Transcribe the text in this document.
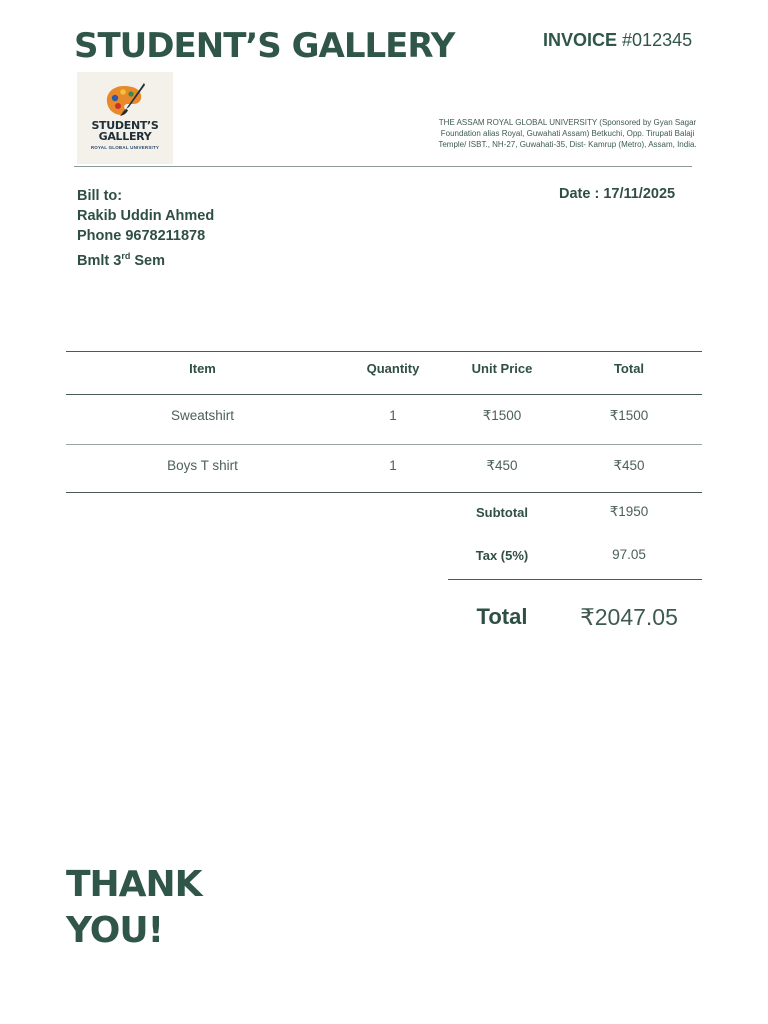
STUDENT’S GALLERY	INVOICE #012345
STUDENT’S
GALLERY
ROYAL GLOBAL UNIVERSITY
THE ASSAM ROYAL GLOBAL UNIVERSITY (Sponsored by Gyan Sagar Foundation alias Royal, Guwahati Assam) Betkuchi, Opp. Tirupati Balaji Temple/ ISBT., NH-27, Guwahati-35, Dist- Kamrup (Metro), Assam, India.
Bill to:
Rakib Uddin Ahmed
Phone 9678211878
Bmlt 3rd Sem
Date : 17/11/2025
Item	Quantity	Unit Price	Total
Sweatshirt	1	₹1500	₹1500
Boys T shirt	1	₹450	₹450
Subtotal	₹1950
Tax (5%)	97.05
Total	₹2047.05
THANK
YOU!
